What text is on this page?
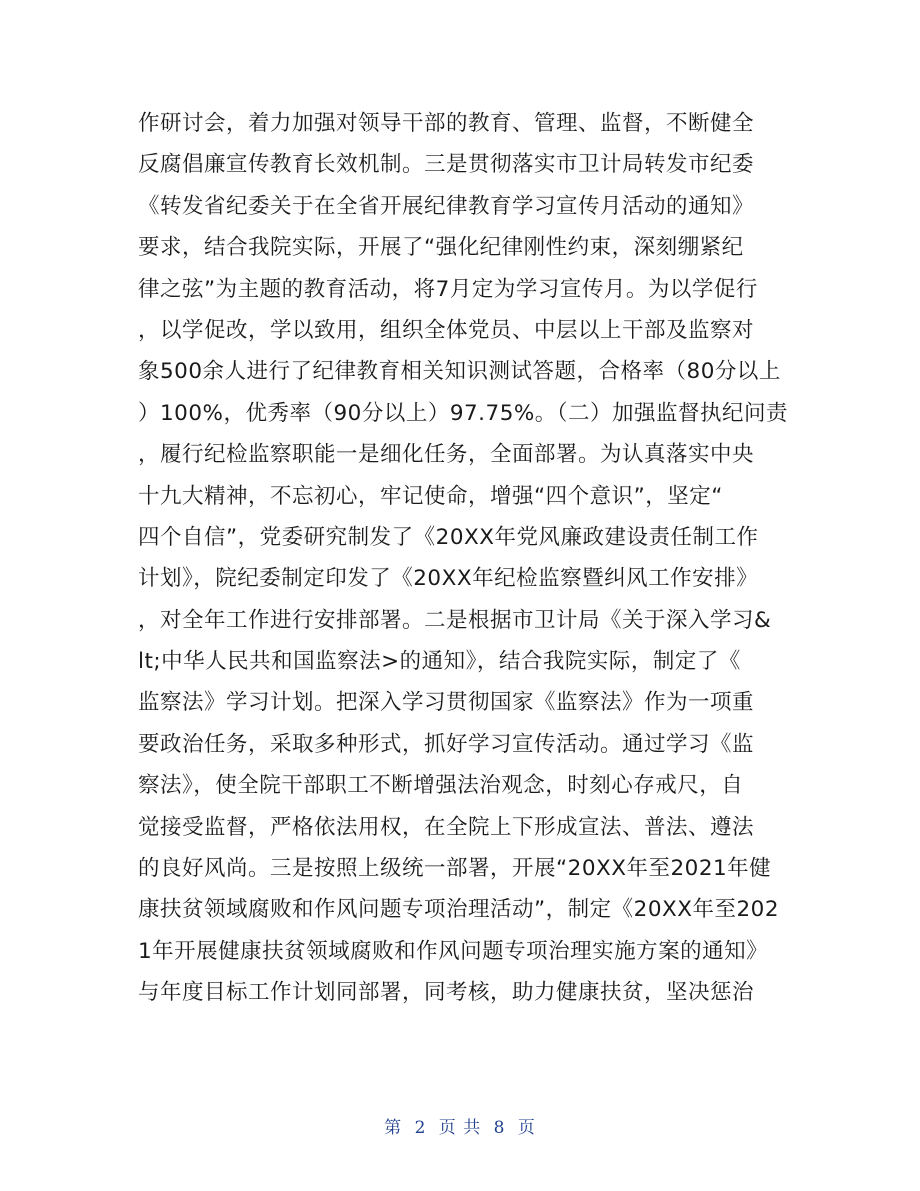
作研讨会，着力加强对领导干部的教育、管理、监督，不断健全
反腐倡廉宣传教育长效机制。三是贯彻落实市卫计局转发市纪委
《转发省纪委关于在全省开展纪律教育学习宣传月活动的通知》
要求，结合我院实际，开展了“强化纪律刚性约束，深刻绷紧纪
律之弦”为主题的教育活动，将7月定为学习宣传月。为以学促行
，以学促改，学以致用，组织全体党员、中层以上干部及监察对
象500余人进行了纪律教育相关知识测试答题，合格率（80分以上
）100%，优秀率（90分以上）97.75%。（二）加强监督执纪问责
，履行纪检监察职能一是细化任务，全面部署。为认真落实中央
十九大精神，不忘初心，牢记使命，增强“四个意识”，坚定“
四个自信”，党委研究制发了《20XX年党风廉政建设责任制工作
计划》，院纪委制定印发了《20XX年纪检监察暨纠风工作安排》
，对全年工作进行安排部署。二是根据市卫计局《关于深入学习&
lt;中华人民共和国监察法>的通知》，结合我院实际，制定了《
监察法》学习计划。把深入学习贯彻国家《监察法》作为一项重
要政治任务，采取多种形式，抓好学习宣传活动。通过学习《监
察法》，使全院干部职工不断增强法治观念，时刻心存戒尺，自
觉接受监督，严格依法用权，在全院上下形成宣法、普法、遵法
的良好风尚。三是按照上级统一部署，开展“20XX年至2021年健
康扶贫领域腐败和作风问题专项治理活动”，制定《20XX年至202
1年开展健康扶贫领域腐败和作风问题专项治理实施方案的通知》
与年度目标工作计划同部署，同考核，助力健康扶贫，坚决惩治
第 2 页 共 8 页
